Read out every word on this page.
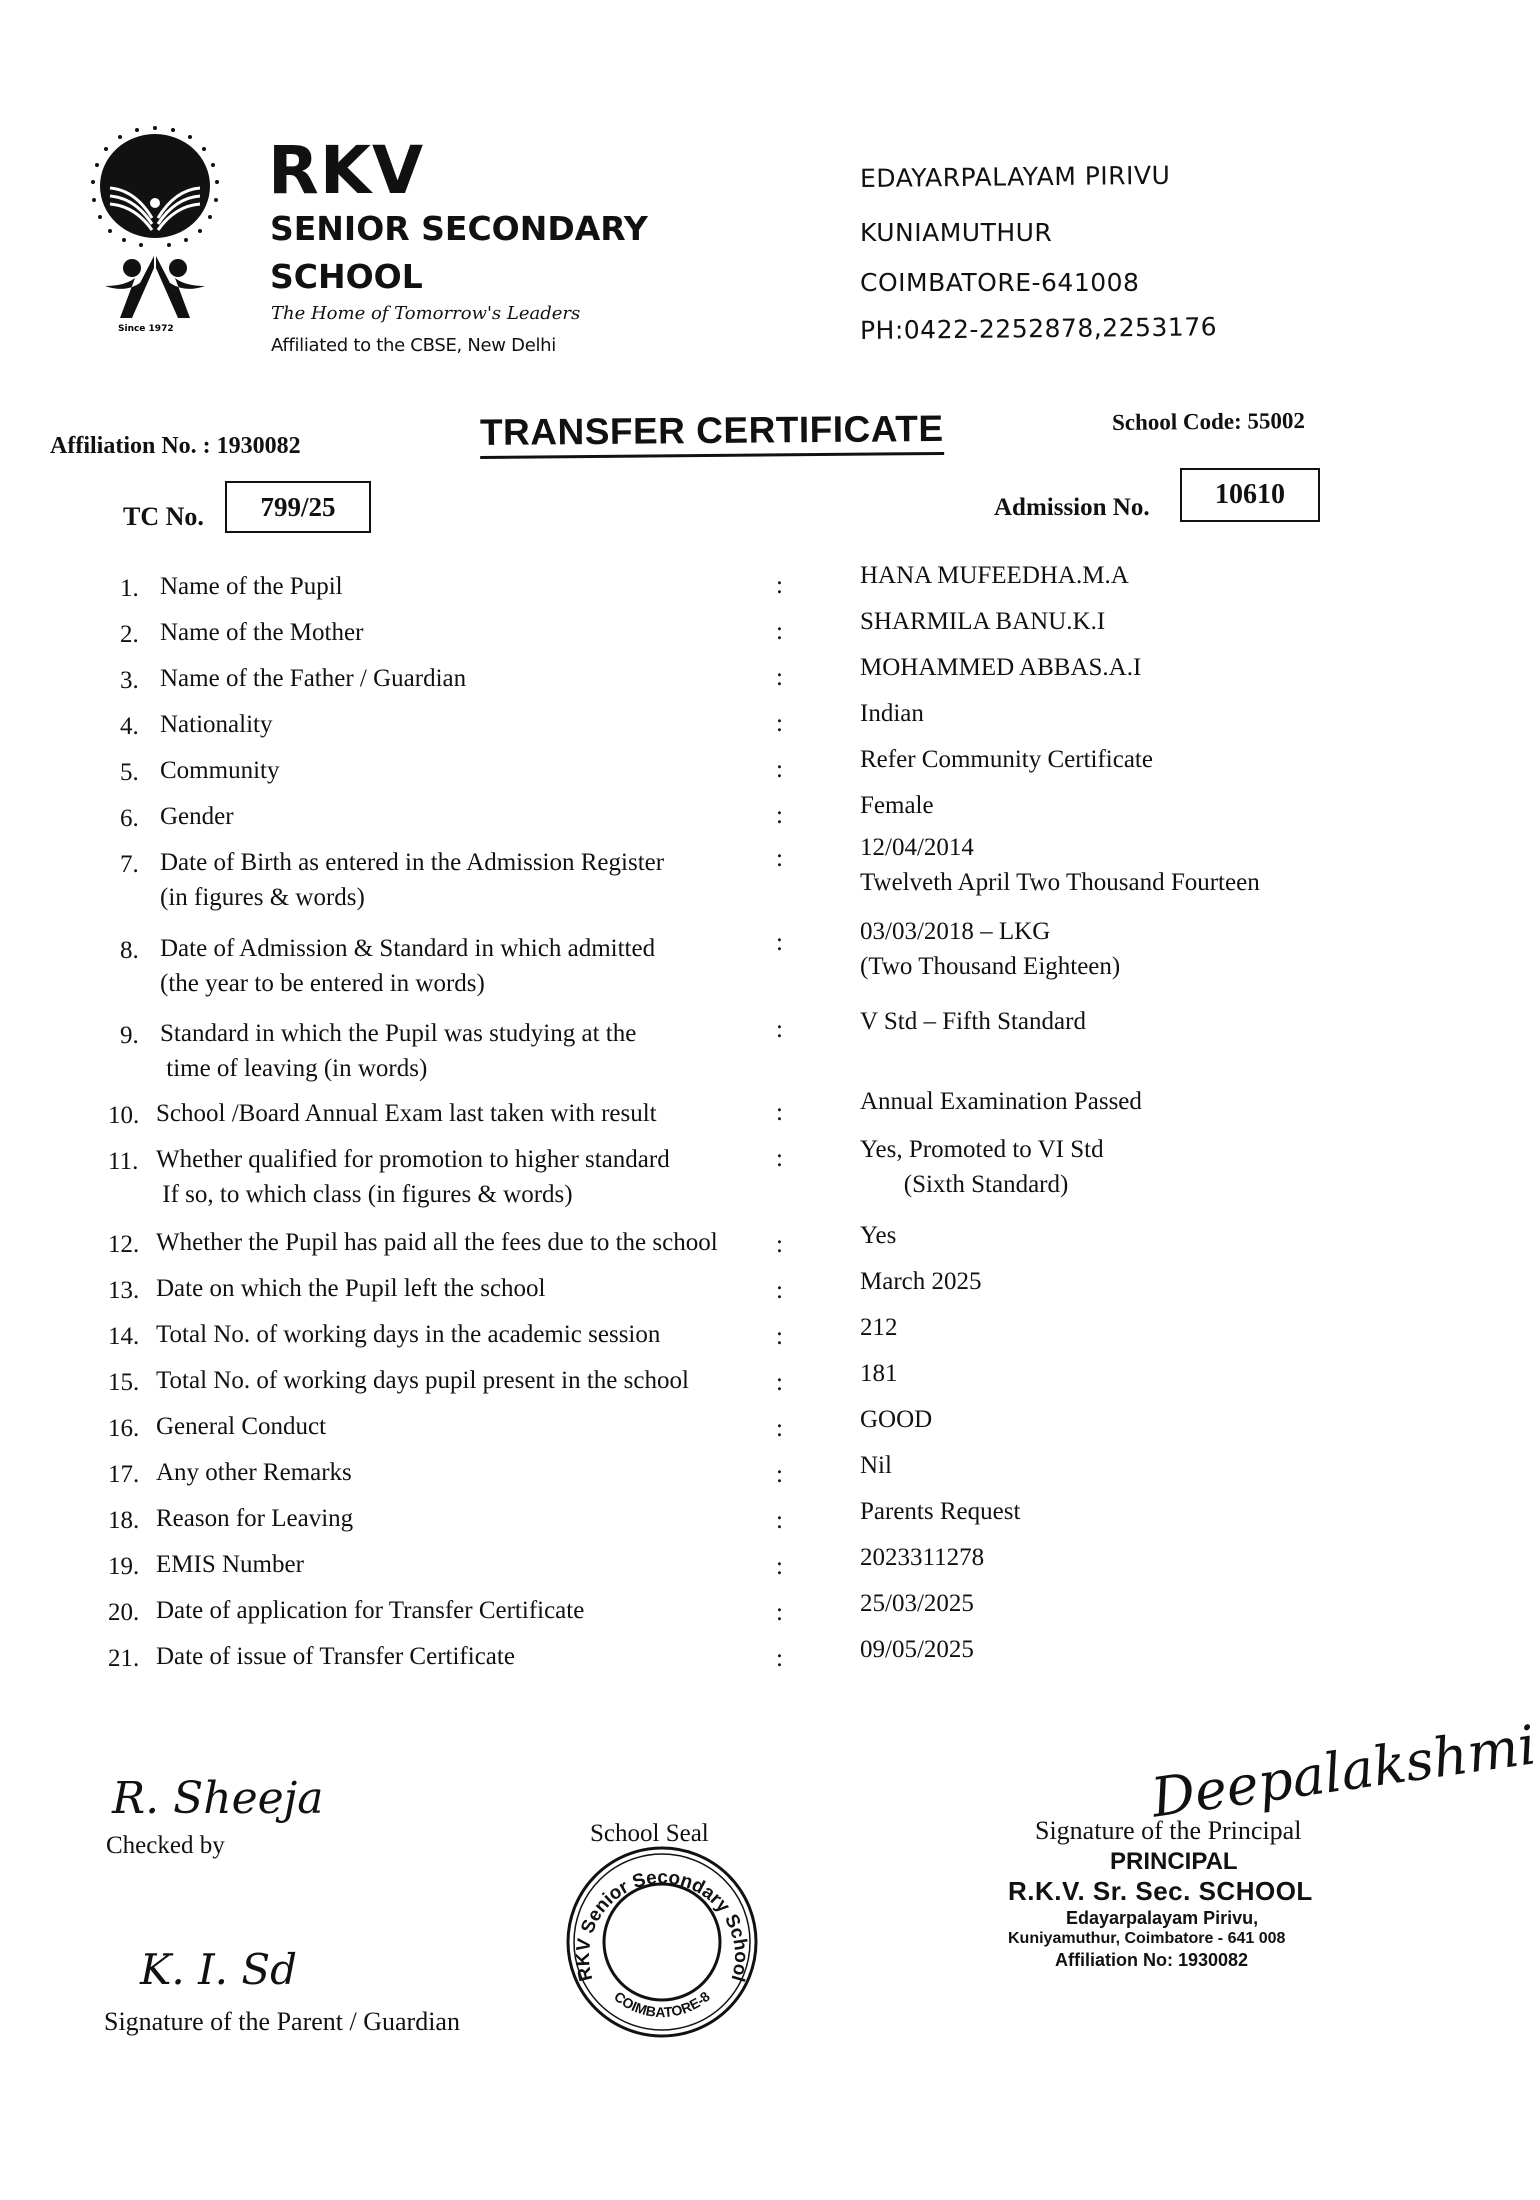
Since 1972
RKV
SENIOR SECONDARY
SCHOOL
The Home of Tomorrow's Leaders
Affiliated to the CBSE, New Delhi
EDAYARPALAYAM PIRIVU
KUNIAMUTHUR
COIMBATORE-641008
PH:0422-2252878,2253176
Affiliation No. : 1930082	TRANSFER CERTIFICATE	School Code: 55002
TC No.	799/25	Admission No.	10610
1. Name of the Pupil	:	HANA MUFEEDHA.M.A
2. Name of the Mother	:	SHARMILA BANU.K.I
3. Name of the Father / Guardian	:	MOHAMMED ABBAS.A.I
4. Nationality	:	Indian
5. Community	:	Refer Community Certificate
6. Gender	:	Female
7. Date of Birth as entered in the Admission Register
(in figures & words)
:	12/04/2014
Twelveth April Two Thousand Fourteen
8. Date of Admission & Standard in which admitted
(the year to be entered in words)
:	03/03/2018 – LKG
(Two Thousand Eighteen)
9. Standard in which the Pupil was studying at the
time of leaving (in words)
:	V Std – Fifth Standard
10. School /Board Annual Exam last taken with result	:	Annual Examination Passed
11. Whether qualified for promotion to higher standard
If so, to which class (in figures & words)
:	Yes, Promoted to VI Std
(Sixth Standard)
12. Whether the Pupil has paid all the fees due to the school :	Yes
13. Date on which the Pupil left the school	:	March 2025
14. Total No. of working days in the academic session	:	212
15. Total No. of working days pupil present in the school	:	181
16. General Conduct	:	GOOD
17. Any other Remarks	:	Nil
18. Reason for Leaving	:	Parents Request
19. EMIS Number	:	2023311278
20. Date of application for Transfer Certificate	:	25/03/2025
21. Date of issue of Transfer Certificate	:	09/05/2025
R. Sheeja
Checked by
K. I. Sd
Signature of the Parent / Guardian
School Seal
RKV Senior Secondary School
COIMBATORE-8
Deepalakshmi
Signature of the Principal
PRINCIPAL
R.K.V. Sr. Sec. SCHOOL
Edayarpalayam Pirivu,
Kuniyamuthur, Coimbatore - 641 008
Affiliation No: 1930082
